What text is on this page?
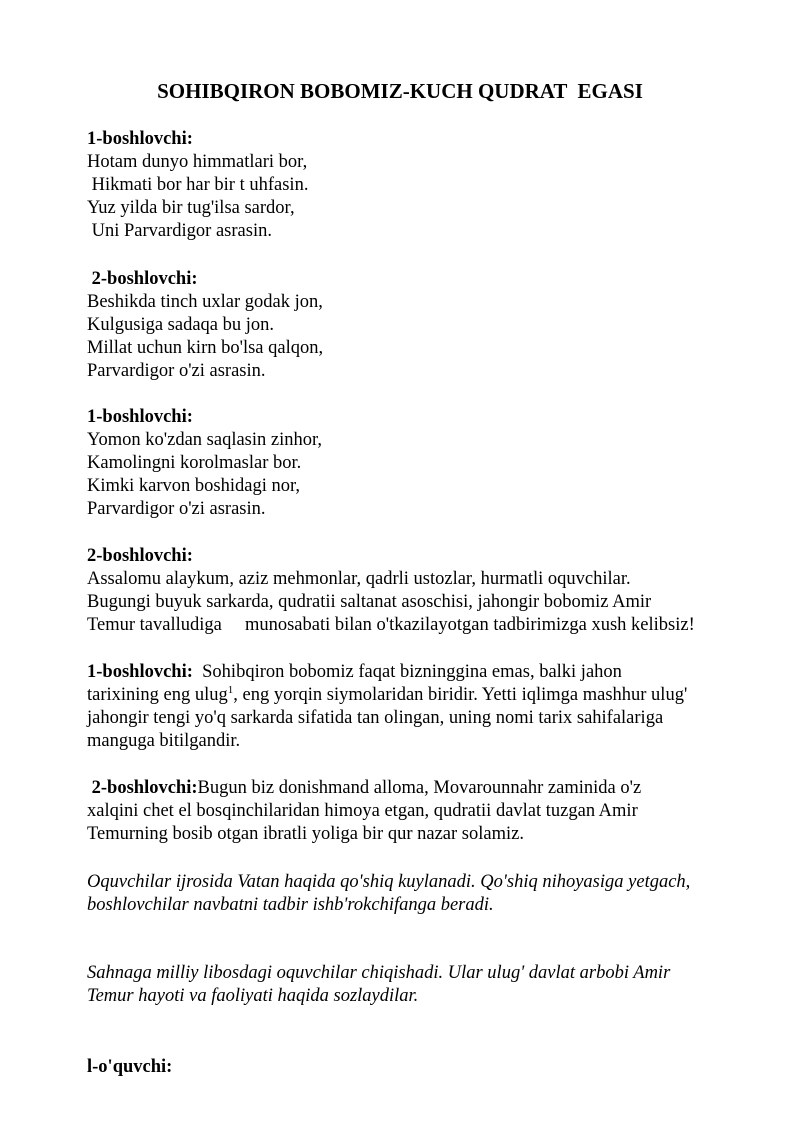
SOHIBQIRON BOBOMIZ-KUCH QUDRAT  EGASI
1-boshlovchi:
Hotam dunyo himmatlari bor,
Hikmati bor har bir t uhfasin.
Yuz yilda bir tug'ilsa sardor,
Uni Parvardigor asrasin.
2-boshlovchi:
Beshikda tinch uxlar godak jon,
Kulgusiga sadaqa bu jon.
Millat uchun kirn bo'lsa qalqon,
Parvardigor o'zi asrasin.
1-boshlovchi:
Yomon ko'zdan saqlasin zinhor,
Kamolingni korolmaslar bor.
Kimki karvon boshidagi nor,
Parvardigor o'zi asrasin.
2-boshlovchi:
Assalomu alaykum, aziz mehmonlar, qadrli ustozlar, hurmatli oquvchilar.
Bugungi buyuk sarkarda, qudratii saltanat asoschisi, jahongir bobomiz Amir
Temur tavalludiga     munosabati bilan o'tkazilayotgan tadbirimizga xush kelibsiz!
1-boshlovchi:  Sohibqiron bobomiz faqat bizninggina emas, balki jahon
tarixining eng ulug$^1$, eng yorqin siymolaridan biridir. Yetti iqlimga mashhur ulug'
jahongir tengi yo'q sarkarda sifatida tan olingan, uning nomi tarix sahifalariga
manguga bitilgandir.
2-boshlovchi:Bugun biz donishmand alloma, Movarounnahr zaminida o'z
xalqini chet el bosqinchilaridan himoya etgan, qudratii davlat tuzgan Amir
Temurning bosib otgan ibratli yoliga bir qur nazar solamiz.
Oquvchilar ijrosida Vatan haqida qo'shiq kuylanadi. Qo'shiq nihoyasiga yetgach,
boshlovchilar navbatni tadbir ishb'rokchifanga beradi.
Sahnaga milliy libosdagi oquvchilar chiqishadi. Ular ulug' davlat arbobi Amir
Temur hayoti va faoliyati haqida sozlaydilar.
l-o'quvchi:
